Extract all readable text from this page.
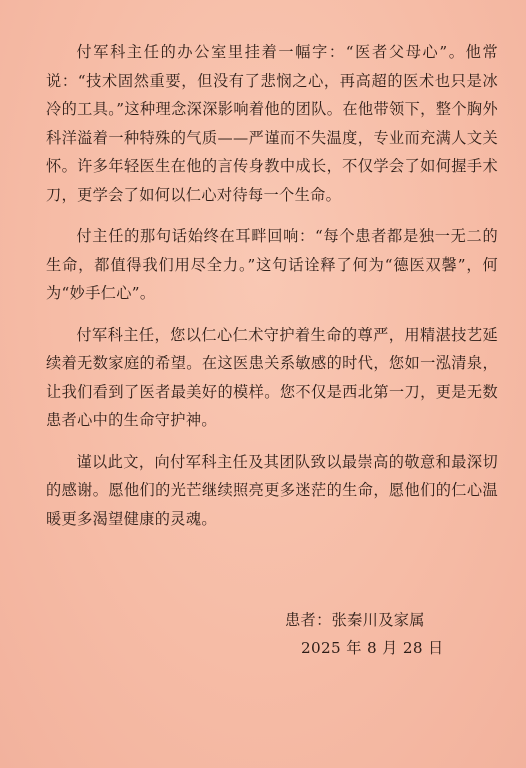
付军科主任的办公室里挂着一幅字：“医者父母心”。他常说：“技术固然重要，但没有了悲悯之心，再高超的医术也只是冰冷的工具。”这种理念深深影响着他的团队。在他带领下，整个胸外科洋溢着一种特殊的气质——严谨而不失温度，专业而充满人文关怀。许多年轻医生在他的言传身教中成长，不仅学会了如何握手术刀，更学会了如何以仁心对待每一个生命。

付主任的那句话始终在耳畔回响：“每个患者都是独一无二的生命，都值得我们用尽全力。”这句话诠释了何为“德医双馨”，何为“妙手仁心”。

付军科主任，您以仁心仁术守护着生命的尊严，用精湛技艺延续着无数家庭的希望。在这医患关系敏感的时代，您如一泓清泉，让我们看到了医者最美好的模样。您不仅是西北第一刀，更是无数患者心中的生命守护神。

谨以此文，向付军科主任及其团队致以最崇高的敬意和最深切的感谢。愿他们的光芒继续照亮更多迷茫的生命，愿他们的仁心温暖更多渴望健康的灵魂。

患者：张秦川及家属
2025 年 8 月 28 日
